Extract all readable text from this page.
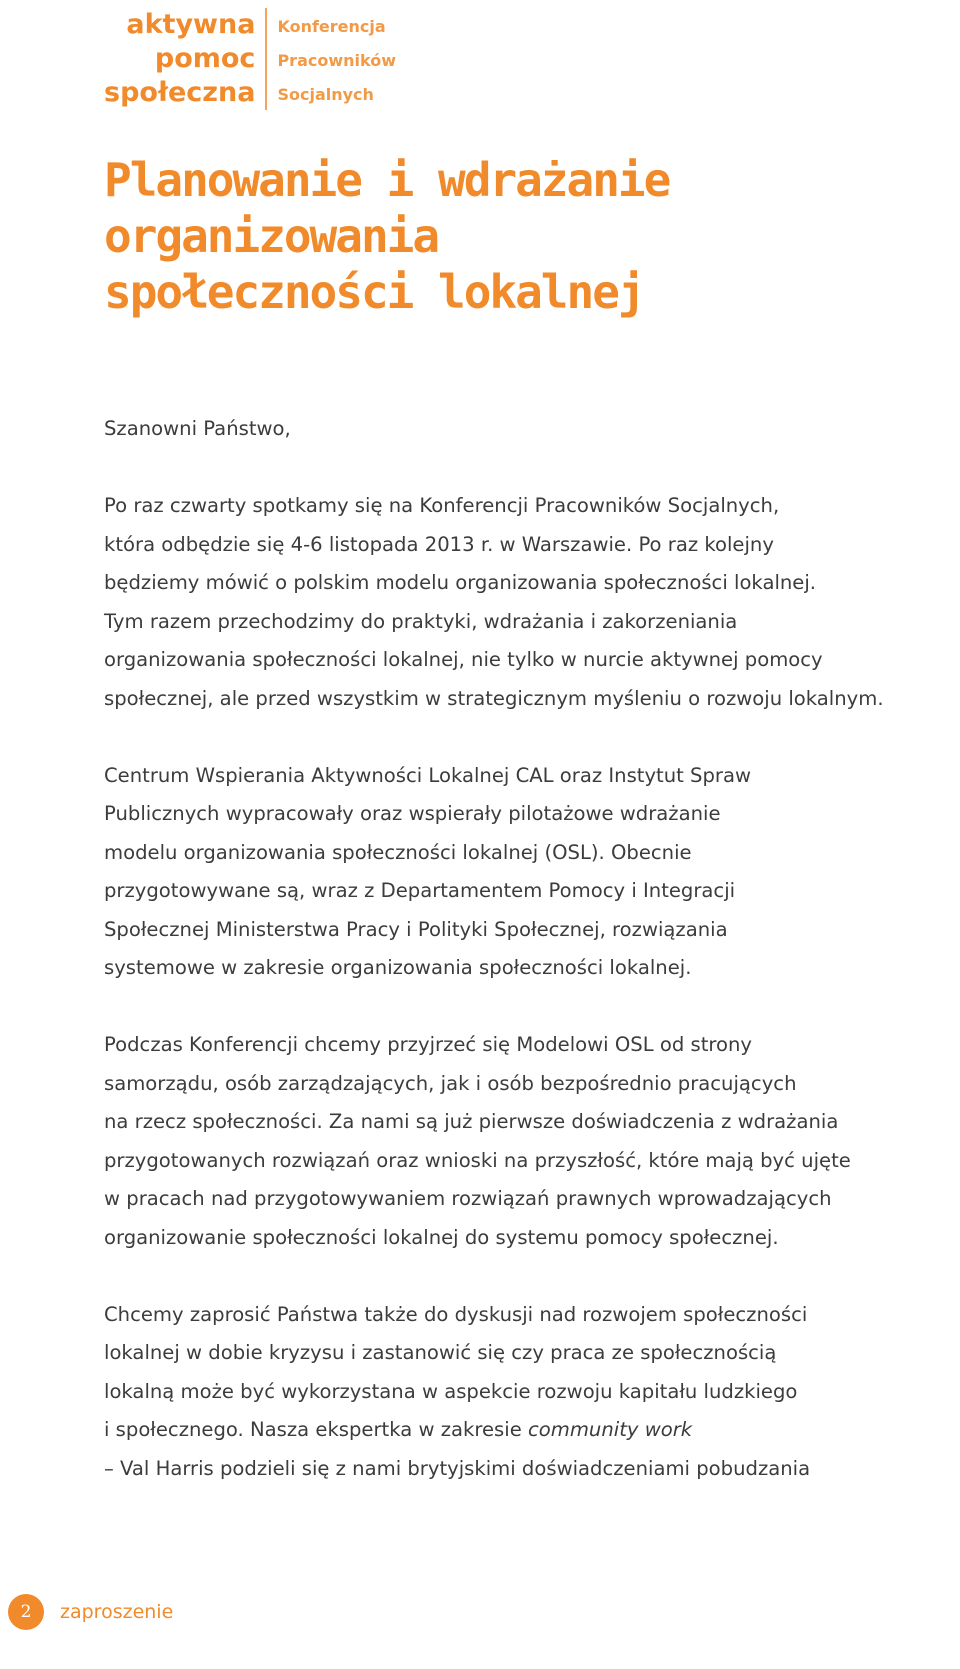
aktywna
pomoc
społeczna
Konferencja
Pracowników
Socjalnych
Planowanie i wdrażanie
organizowania
społeczności lokalnej

Szanowni Państwo,

Po raz czwarty spotkamy się na Konferencji Pracowników Socjalnych,
która odbędzie się 4-6 listopada 2013 r. w Warszawie. Po raz kolejny
będziemy mówić o polskim modelu organizowania społeczności lokalnej.
Tym razem przechodzimy do praktyki, wdrażania i zakorzeniania
organizowania społeczności lokalnej, nie tylko w nurcie aktywnej pomocy
społecznej, ale przed wszystkim w strategicznym myśleniu o rozwoju lokalnym.

Centrum Wspierania Aktywności Lokalnej CAL oraz Instytut Spraw
Publicznych wypracowały oraz wspierały pilotażowe wdrażanie
modelu organizowania społeczności lokalnej (OSL). Obecnie
przygotowywane są, wraz z Departamentem Pomocy i Integracji
Społecznej Ministerstwa Pracy i Polityki Społecznej, rozwiązania
systemowe w zakresie organizowania społeczności lokalnej.

Podczas Konferencji chcemy przyjrzeć się Modelowi OSL od strony
samorządu, osób zarządzających, jak i osób bezpośrednio pracujących
na rzecz społeczności. Za nami są już pierwsze doświadczenia z wdrażania
przygotowanych rozwiązań oraz wnioski na przyszłość, które mają być ujęte
w pracach nad przygotowywaniem rozwiązań prawnych wprowadzających
organizowanie społeczności lokalnej do systemu pomocy społecznej.

Chcemy zaprosić Państwa także do dyskusji nad rozwojem społeczności
lokalnej w dobie kryzysu i zastanowić się czy praca ze społecznością
lokalną może być wykorzystana w aspekcie rozwoju kapitału ludzkiego
i społecznego. Nasza ekspertka w zakresie community work
– Val Harris podzieli się z nami brytyjskimi doświadczeniami pobudzania

2	zaproszenie
